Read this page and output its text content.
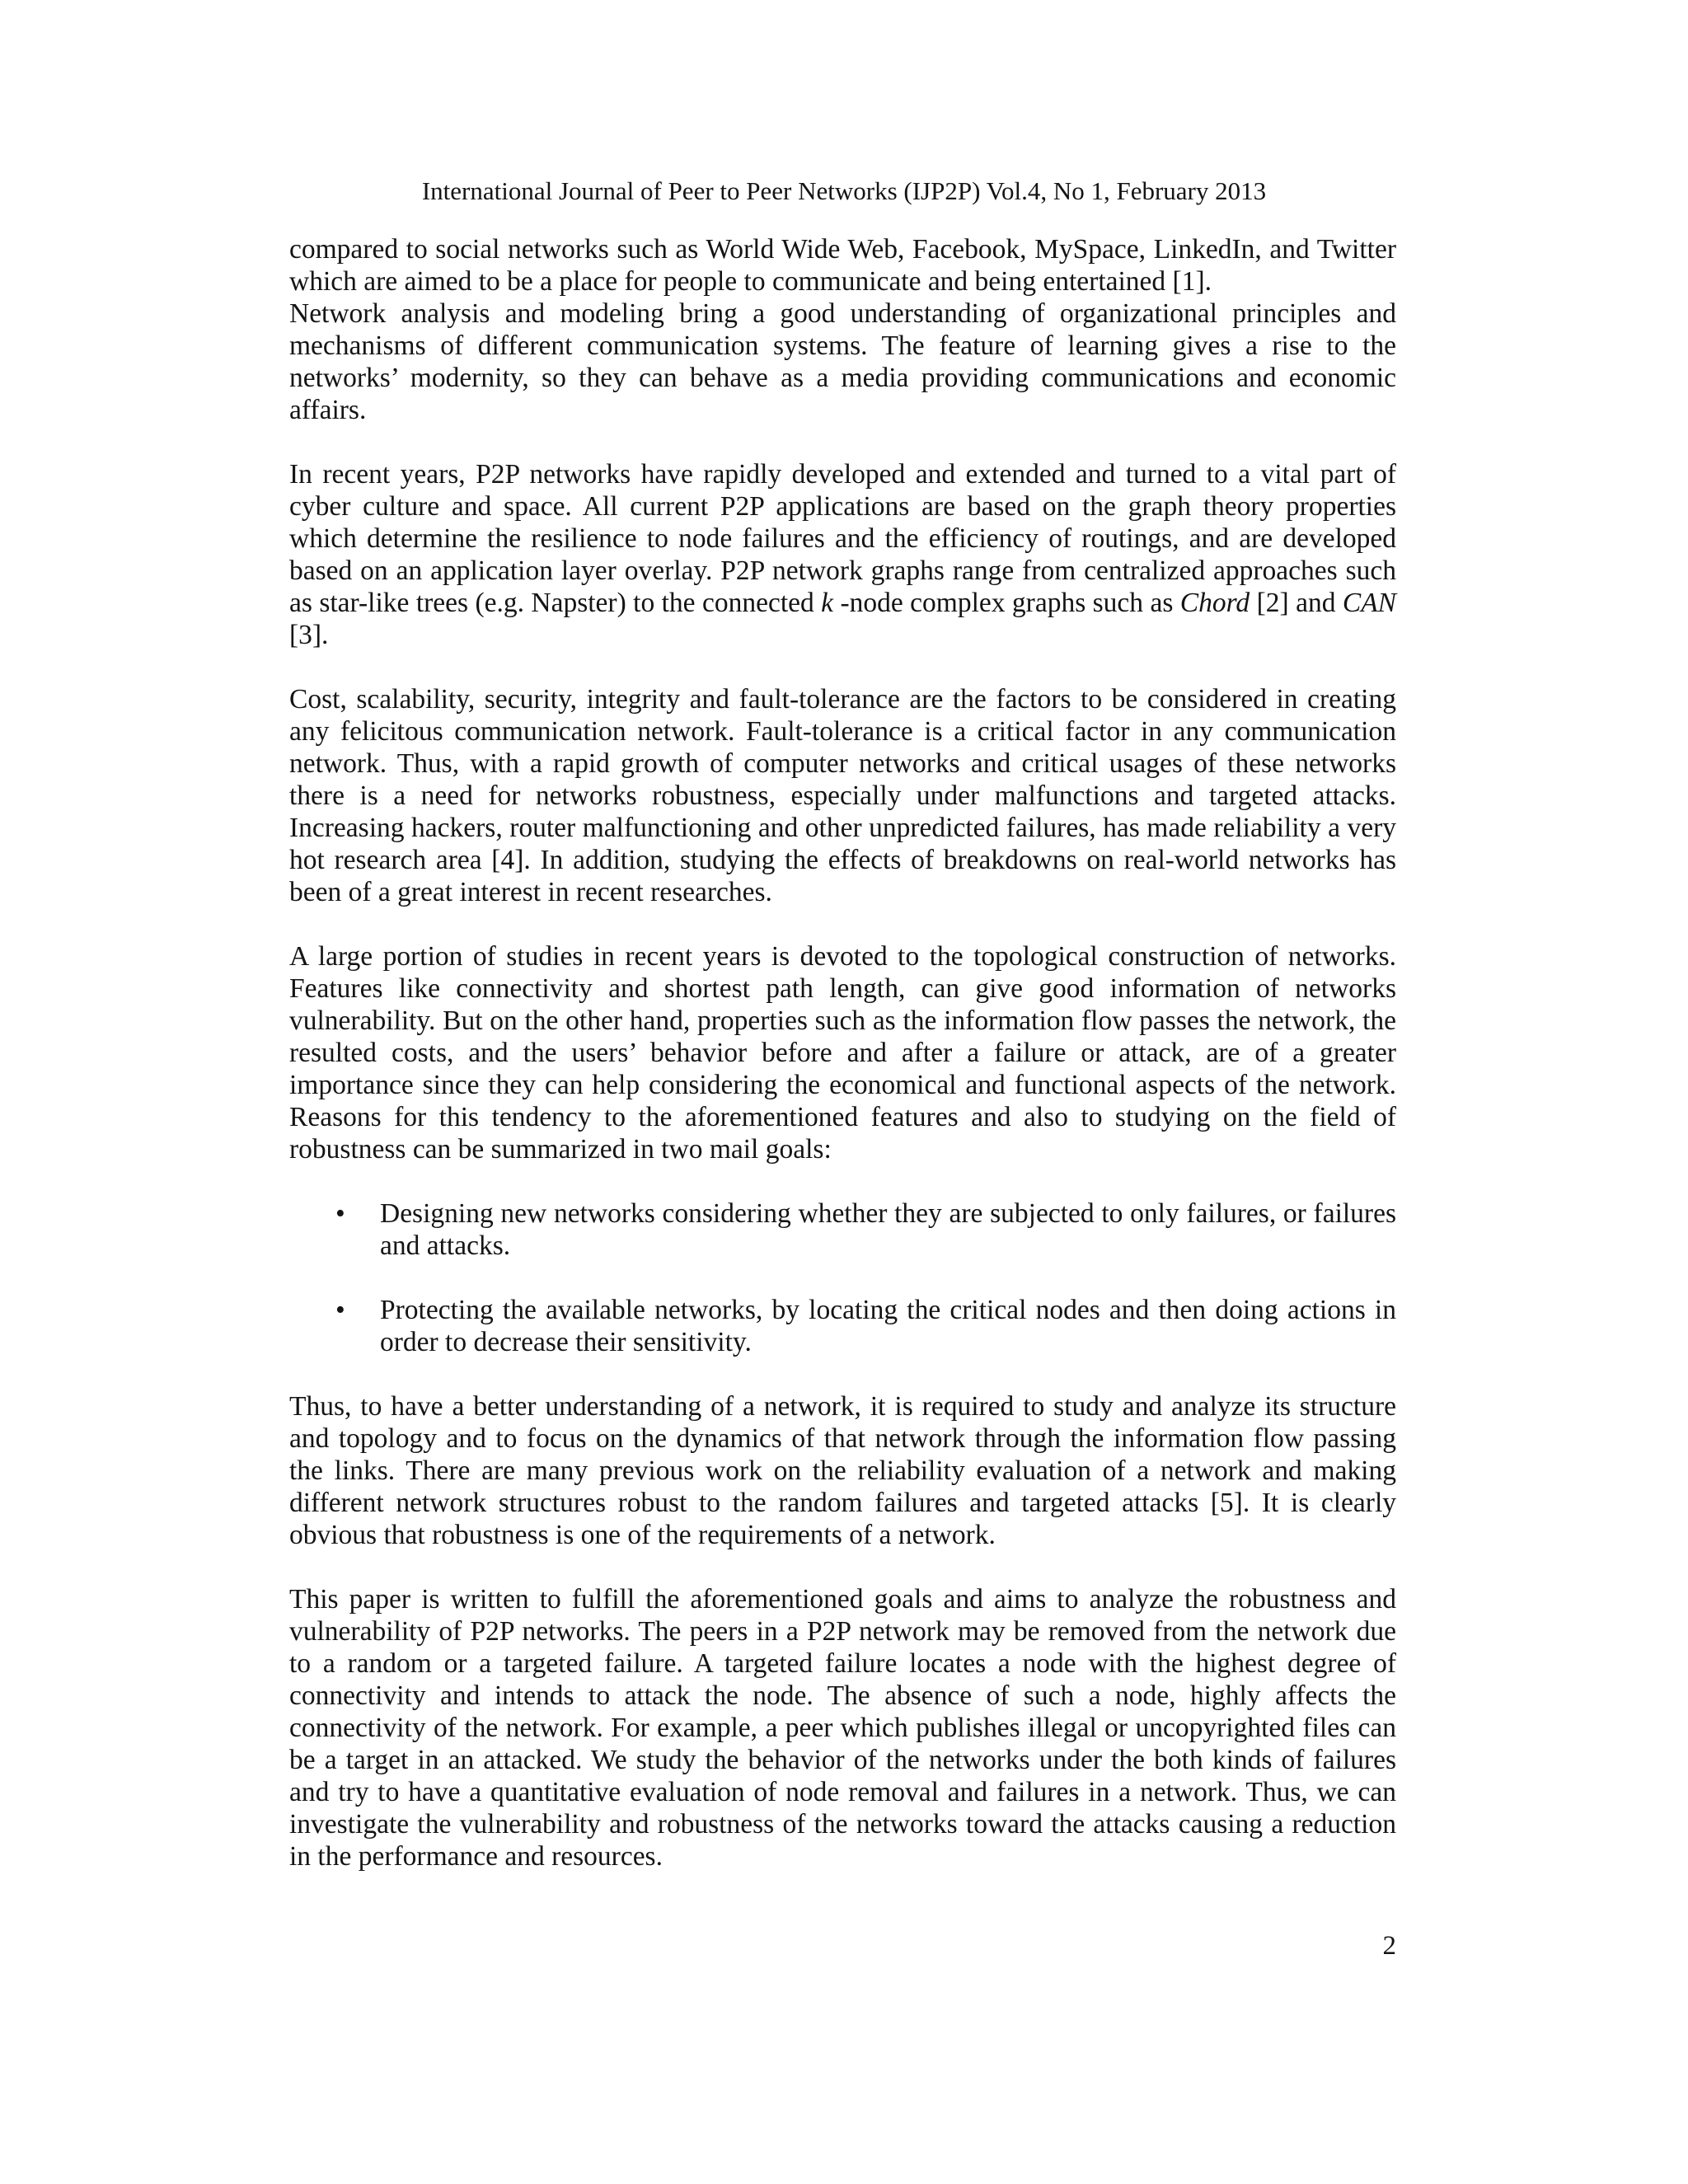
International Journal of Peer to Peer Networks (IJP2P) Vol.4, No 1, February 2013

compared to social networks such as World Wide Web, Facebook, MySpace, LinkedIn, and Twitter which are aimed to be a place for people to communicate and being entertained [1].

Network analysis and modeling bring a good understanding of organizational principles and mechanisms of different communication systems. The feature of learning gives a rise to the networks’ modernity, so they can behave as a media providing communications and economic affairs.

In recent years, P2P networks have rapidly developed and extended and turned to a vital part of cyber culture and space. All current P2P applications are based on the graph theory properties which determine the resilience to node failures and the efficiency of routings, and are developed based on an application layer overlay. P2P network graphs range from centralized approaches such as star-like trees (e.g. Napster) to the connected k -node complex graphs such as Chord [2] and CAN [3].

Cost, scalability, security, integrity and fault-tolerance are the factors to be considered in creating any felicitous communication network. Fault-tolerance is a critical factor in any communication network. Thus, with a rapid growth of computer networks and critical usages of these networks there is a need for networks robustness, especially under malfunctions and targeted attacks. Increasing hackers, router malfunctioning and other unpredicted failures, has made reliability a very hot research area [4]. In addition, studying the effects of breakdowns on real-world networks has been of a great interest in recent researches.

A large portion of studies in recent years is devoted to the topological construction of networks. Features like connectivity and shortest path length, can give good information of networks vulnerability. But on the other hand, properties such as the information flow passes the network, the resulted costs, and the users’ behavior before and after a failure or attack, are of a greater importance since they can help considering the economical and functional aspects of the network. Reasons for this tendency to the aforementioned features and also to studying on the field of robustness can be summarized in two mail goals:

• Designing new networks considering whether they are subjected to only failures, or failures and attacks.
• Protecting the available networks, by locating the critical nodes and then doing actions in order to decrease their sensitivity.

Thus, to have a better understanding of a network, it is required to study and analyze its structure and topology and to focus on the dynamics of that network through the information flow passing the links. There are many previous work on the reliability evaluation of a network and making different network structures robust to the random failures and targeted attacks [5]. It is clearly obvious that robustness is one of the requirements of a network.

This paper is written to fulfill the aforementioned goals and aims to analyze the robustness and vulnerability of P2P networks. The peers in a P2P network may be removed from the network due to a random or a targeted failure. A targeted failure locates a node with the highest degree of connectivity and intends to attack the node. The absence of such a node, highly affects the connectivity of the network. For example, a peer which publishes illegal or uncopyrighted files can be a target in an attacked. We study the behavior of the networks under the both kinds of failures and try to have a quantitative evaluation of node removal and failures in a network. Thus, we can investigate the vulnerability and robustness of the networks toward the attacks causing a reduction in the performance and resources.

2
